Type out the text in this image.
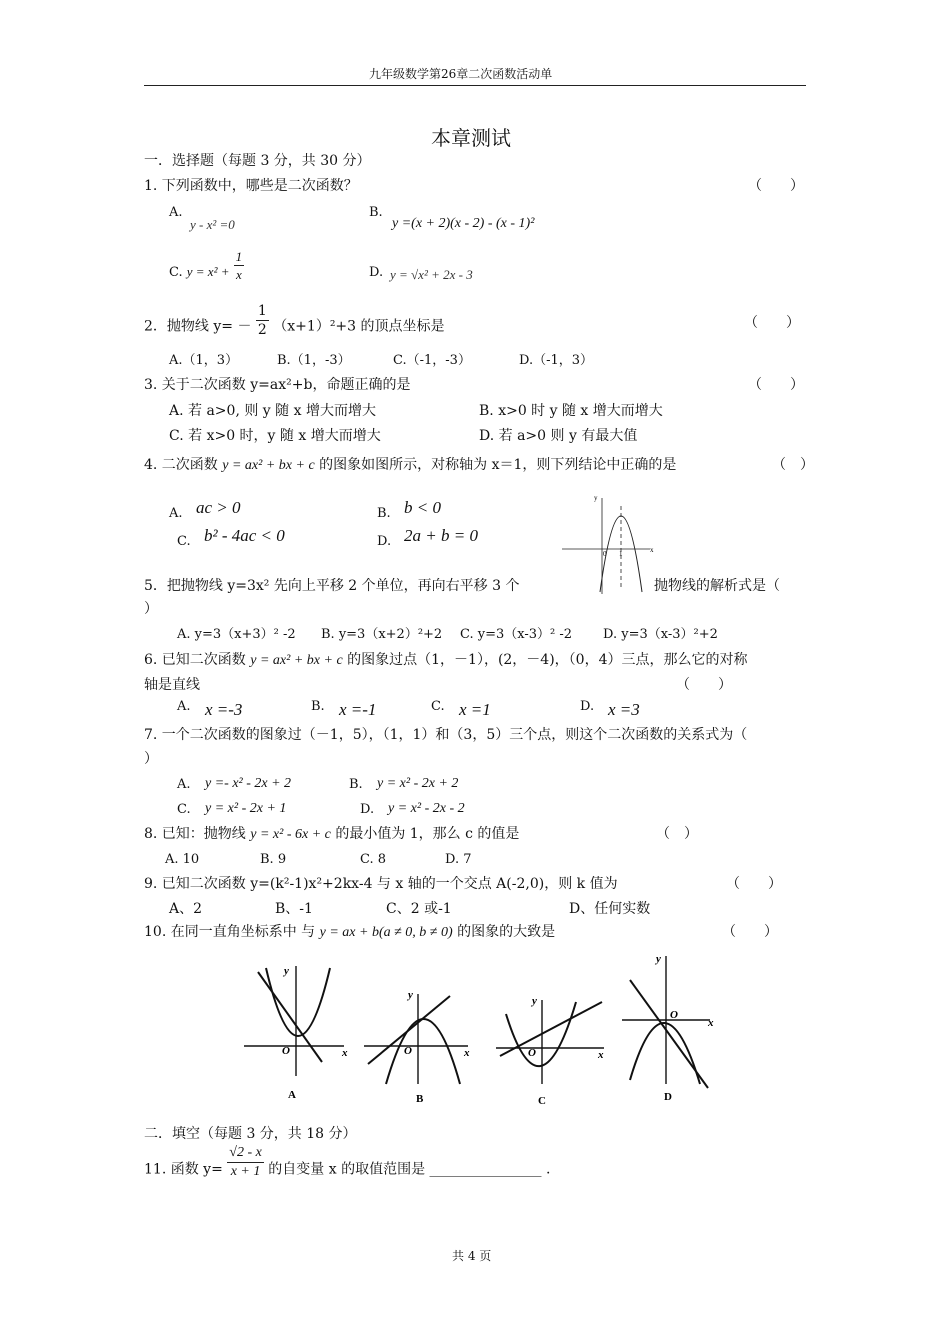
九年级数学第26章二次函数活动单
本章测试
一．选择题（每题 3 分，共 30 分）
1. 下列函数中，哪些是二次函数？	（　　）
A.
y - x² =0
B.
y =(x + 2)(x - 2) - (x - 1)²
C. $y = x^2 + \frac{1}{x}$	D. y = √x² + 2x - 3
2．抛物线 $y= - \frac{1}{2} (x+1)^2+3$ 的顶点坐标是	（　　）
A.（1，3）	B.（1，-3）	C.（-1，-3）	D.（-1，3）
3. 关于二次函数 y=ax²+b，命题正确的是	（　　）
A. 若 a>0, 则 y 随 x 增大而增大	B. x>0 时 y 随 x 增大而增大
C. 若 x>0 时，y 随 x 增大而增大	D. 若 a>0 则 y 有最大值
4. 二次函数 y = ax² + bx + c 的图象如图所示，对称轴为 x＝1，则下列结论中正确的是	（　）
A. ac > 0	B. b < 0
C. b² - 4ac < 0	D. 2a + b = 0
y
x
0 1
5．把抛物线 y=3x² 先向上平移 2 个单位，再向右平移 3 个	抛物线的解析式是（
）
A. y=3（x+3）² -2 B. y=3（x+2）²+2 C. y=3（x-3）² -2 D. y=3（x-3）²+2
6. 已知二次函数 y = ax² + bx + c 的图象过点（1，－1），(2，－4)，（0，4）三点，那么它的对称
轴是直线	（　　）
A. x =-3	B. x =-1	C. x =1	D. x =3
7. 一个二次函数的图象过（－1，5），（1，1）和（3，5）三个点，则这个二次函数的关系式为（
）
A. y =- x² - 2x + 2	B. y = x² - 2x + 2
C. y = x² - 2x + 1	D. y = x² - 2x - 2
8. 已知：抛物线 y = x² - 6x + c 的最小值为 1，那么 c 的值是	（　）
A. 10	B. 9	C. 8	D. 7
9. 已知二次函数 y=(k²-1)x²+2kx-4 与 x 轴的一个交点 A(-2,0)，则 k 值为	（　　）
A、2	B、-1	C、2 或-1	D、任何实数
10. 在同一直角坐标系中 与 y = ax + b(a ≠ 0, b ≠ 0) 的图象的大致是	（　　）
y
x
O
A
y
x
O
B
y
x
O
C
y
x
O
D
二．填空（每题 3 分，共 18 分）
11. 函数 $y= \frac{√2 - x}{x + 1}$ 的自变量 x 的取值范围是 ________________ .
共 4 页
